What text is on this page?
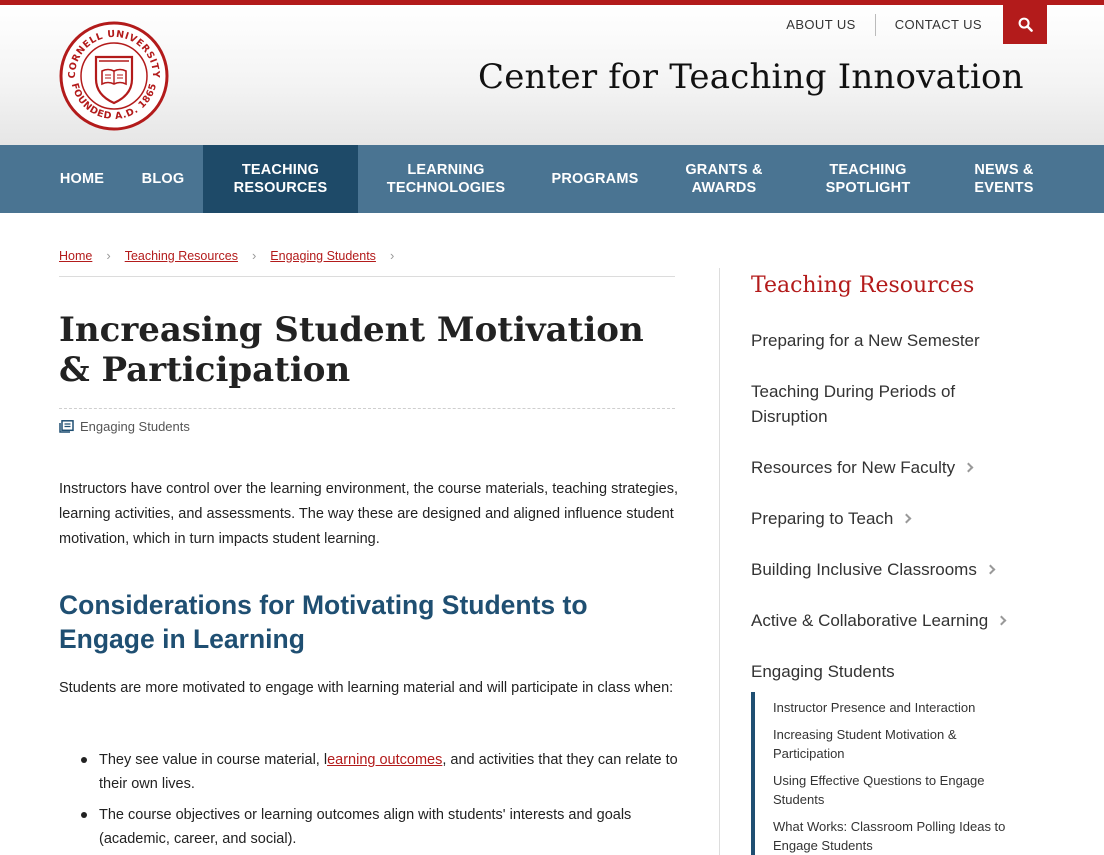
CORNELL UNIVERSITY
FOUNDED A.D. 1865
ABOUT US	CONTACT US
Center for Teaching Innovation
HOME	BLOG
TEACHING
RESOURCES
LEARNING
TECHNOLOGIES
PROGRAMS
GRANTS &
AWARDS
TEACHING
SPOTLIGHT
NEWS &
EVENTS
Home › Teaching Resources › Engaging Students ›
Increasing Student Motivation & Participation
Engaging Students

Instructors have control over the learning environment, the course materials, teaching strategies, learning activities, and assessments. The way these are designed and aligned influence student motivation, which in turn impacts student learning.

Considerations for Motivating Students to Engage in Learning

Students are more motivated to engage with learning material and will participate in class when:

They see value in course material, learning outcomes, and activities that they can relate to their own lives.
The course objectives or learning outcomes align with students' interests and goals (academic, career, and social).
Teaching Resources
Preparing for a New Semester
Teaching During Periods of Disruption
Resources for New Faculty
Preparing to Teach
Building Inclusive Classrooms
Active & Collaborative Learning
Engaging Students
Instructor Presence and Interaction
Increasing Student Motivation & Participation
Using Effective Questions to Engage Students
What Works: Classroom Polling Ideas to Engage Students
